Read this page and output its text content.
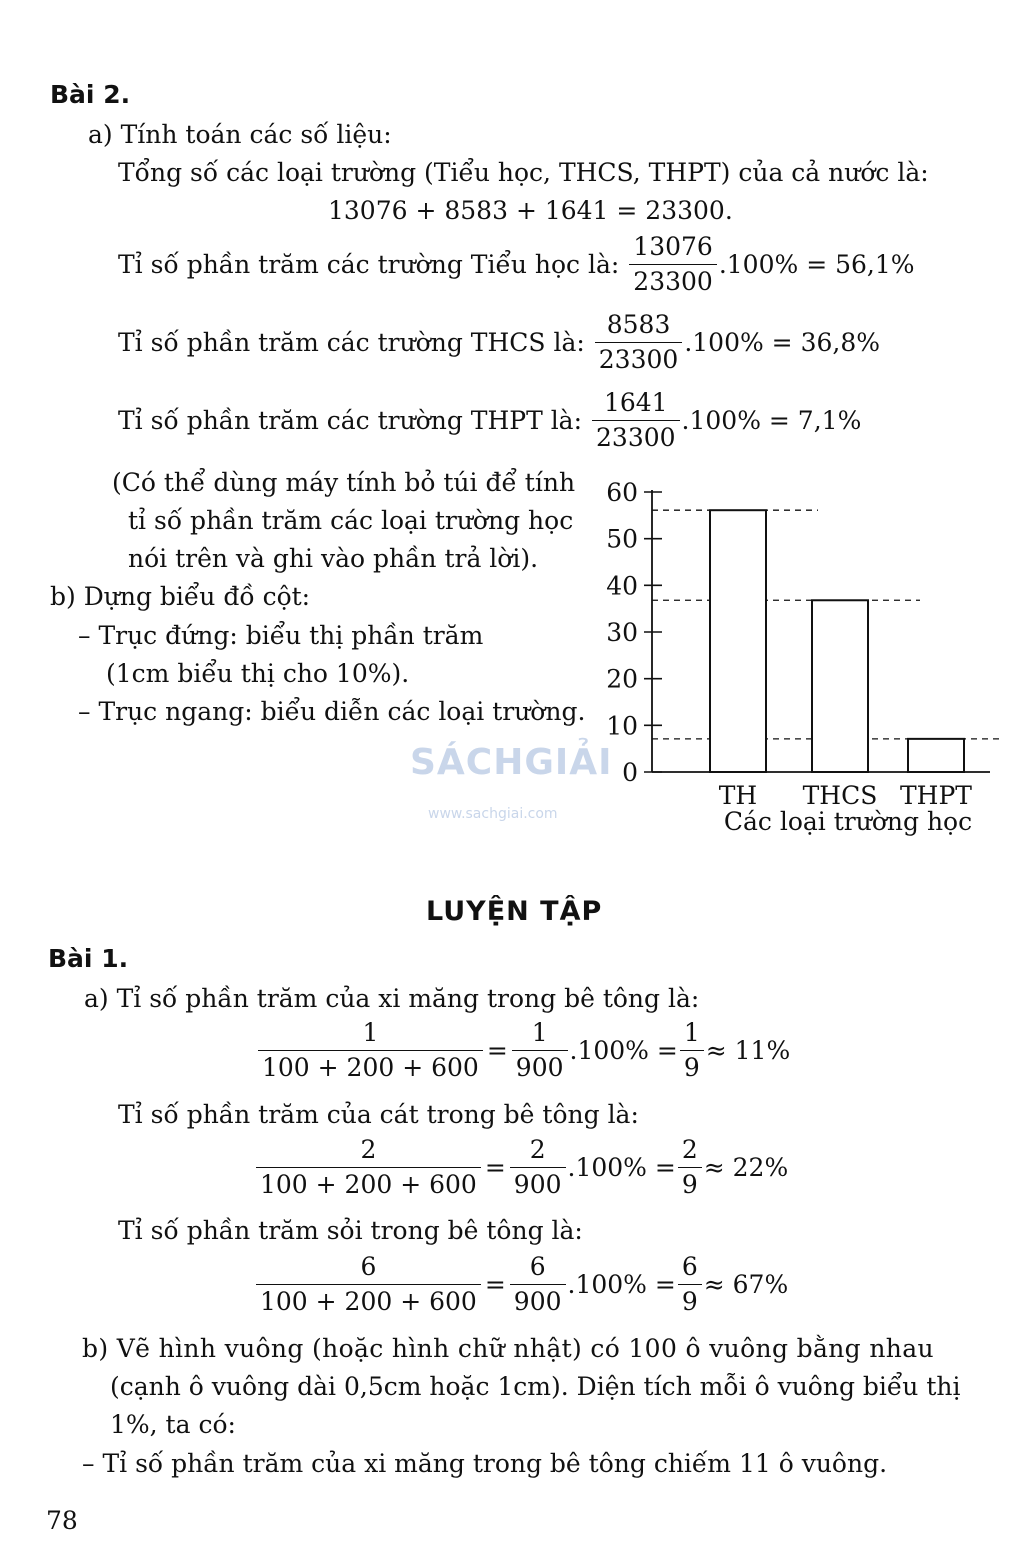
Bài 2.
a) Tính toán các số liệu:
Tổng số các loại trường (Tiểu học, THCS, THPT) của cả nước là:
13076 + 8583 + 1641 = 23300.
Tỉ số phần trăm các trường Tiểu học là: $\frac{13076}{23300} .100\% = 56,1\%$
Tỉ số phần trăm các trường THCS là: $\frac{8583}{23300} .100\% = 36,8\%$
Tỉ số phần trăm các trường THPT là: $\frac{1641}{23300} .100\% = 7,1\%$
(Có thể dùng máy tính bỏ túi để tính
tỉ số phần trăm các loại trường học
nói trên và ghi vào phần trả lời).
b) Dựng biểu đồ cột:
– Trục đứng: biểu thị phần trăm
(1cm biểu thị cho 10%).
– Trục ngang: biểu diễn các loại trường.
SÁCHGIẢI
www.sachgiai.com
0
10
20
30
40
50
60
TH THCS THPT
Các loại trường học
LUYỆN TẬP
Bài 1.
a) Tỉ số phần trăm của xi măng trong bê tông là:
$\frac{1}{100 + 200 + 600} = \frac{1}{900} .100\% = \frac{1}{9} \approx 11\%$
Tỉ số phần trăm của cát trong bê tông là:
$\frac{2}{100 + 200 + 600} = \frac{2}{900} .100\% = \frac{2}{9} \approx 22\%$
Tỉ số phần trăm sỏi trong bê tông là:
$\frac{6}{100 + 200 + 600} = \frac{6}{900} .100\% = \frac{6}{9} \approx 67\%$
b) Vẽ hình vuông (hoặc hình chữ nhật) có 100 ô vuông bằng nhau
(cạnh ô vuông dài 0,5cm hoặc 1cm). Diện tích mỗi ô vuông biểu thị
1%, ta có:
– Tỉ số phần trăm của xi măng trong bê tông chiếm 11 ô vuông.
78
